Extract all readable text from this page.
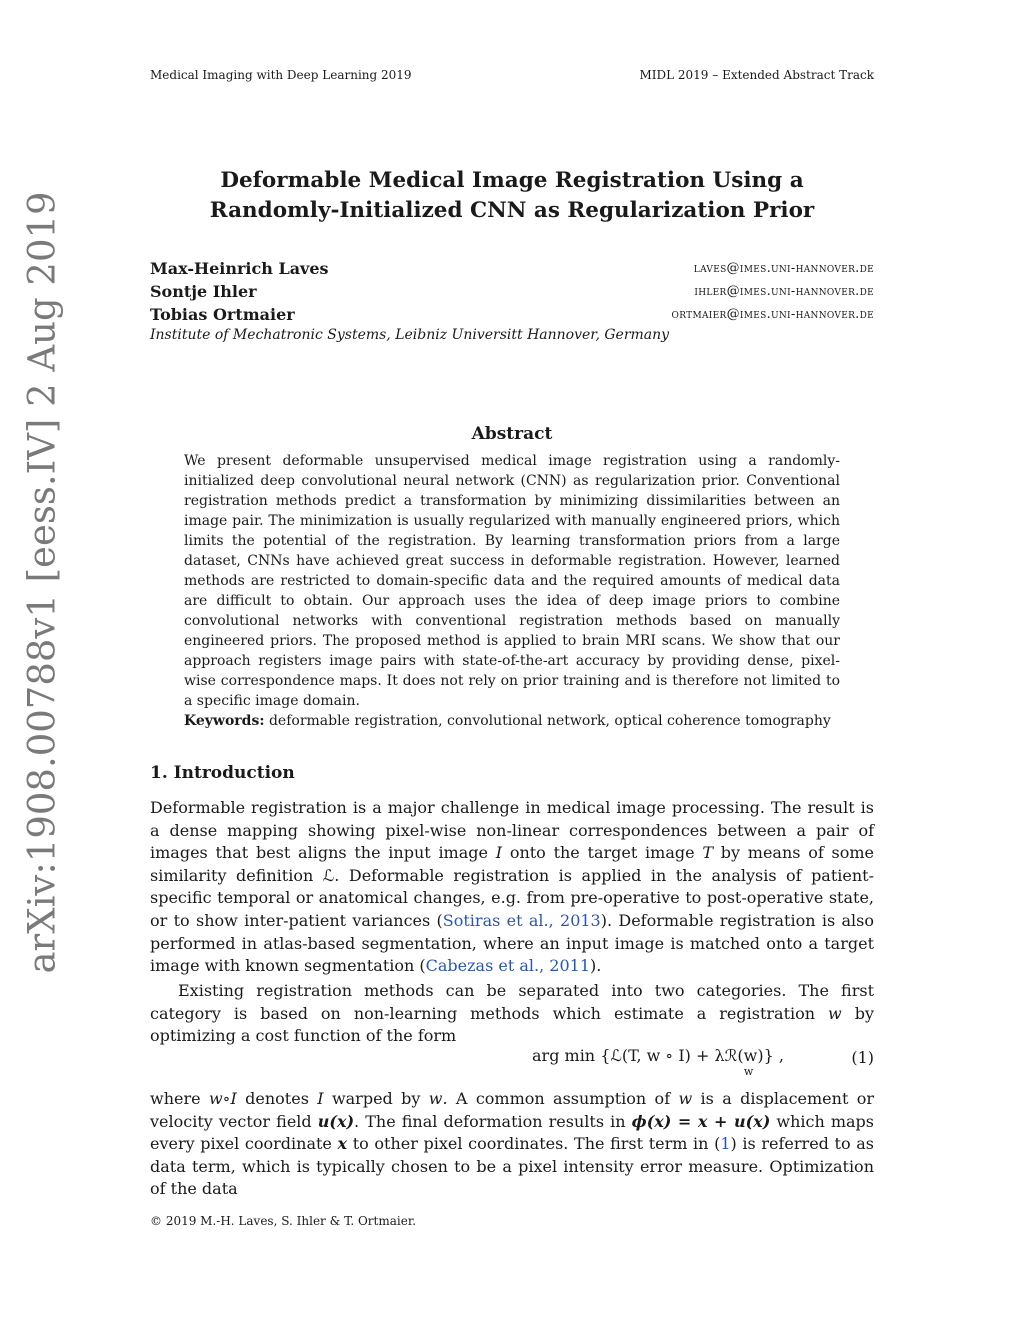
Medical Imaging with Deep Learning 2019	MIDL 2019 – Extended Abstract Track
Deformable Medical Image Registration Using a
Randomly-Initialized CNN as Regularization Prior
Max-Heinrich Laves	laves@imes.uni-hannover.de
Sontje Ihler	ihler@imes.uni-hannover.de
Tobias Ortmaier	ortmaier@imes.uni-hannover.de
Institute of Mechatronic Systems, Leibniz Universitt Hannover, Germany
Abstract
We present deformable unsupervised medical image registration using a randomly-initialized deep convolutional neural network (CNN) as regularization prior. Conventional registration methods predict a transformation by minimizing dissimilarities between an image pair. The minimization is usually regularized with manually engineered priors, which limits the potential of the registration. By learning transformation priors from a large dataset, CNNs have achieved great success in deformable registration. However, learned methods are restricted to domain-specific data and the required amounts of medical data are difficult to obtain. Our approach uses the idea of deep image priors to combine convolutional networks with conventional registration methods based on manually engineered priors. The proposed method is applied to brain MRI scans. We show that our approach registers image pairs with state-of-the-art accuracy by providing dense, pixel-wise correspondence maps. It does not rely on prior training and is therefore not limited to a specific image domain.
Keywords: deformable registration, convolutional network, optical coherence tomography
1. Introduction
Deformable registration is a major challenge in medical image processing. The result is a dense mapping showing pixel-wise non-linear correspondences between a pair of images that best aligns the input image I onto the target image T by means of some similarity definition ℒ. Deformable registration is applied in the analysis of patient-specific temporal or anatomical changes, e.g. from pre-operative to post-operative state, or to show inter-patient variances (Sotiras et al., 2013). Deformable registration is also performed in atlas-based segmentation, where an input image is matched onto a target image with known segmentation (Cabezas et al., 2011).
Existing registration methods can be separated into two categories. The first category is based on non-learning methods which estimate a registration w by optimizing a cost function of the form
arg min {ℒ(T, w ∘ I) + λℛ(w)} $,_w$
(1)
where w∘I denotes I warped by w. A common assumption of w is a displacement or velocity vector field u(x). The final deformation results in ϕ(x) = x + u(x) which maps every pixel coordinate x to other pixel coordinates. The first term in (1) is referred to as data term, which is typically chosen to be a pixel intensity error measure. Optimization of the data
© 2019 M.-H. Laves, S. Ihler & T. Ortmaier.
arXiv:1908.00788v1 [eess.IV] 2 Aug 2019
